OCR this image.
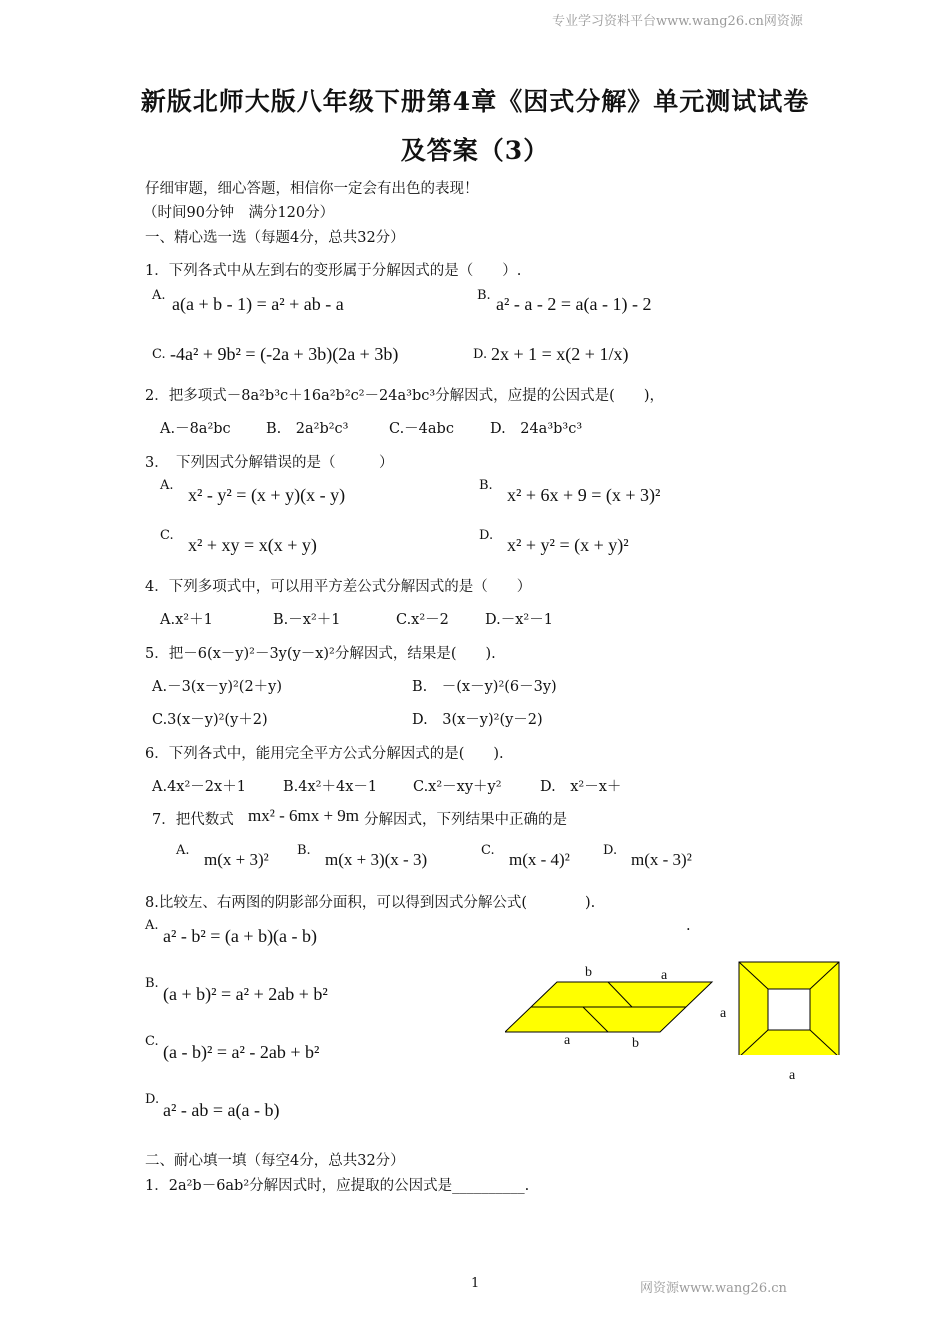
专业学习资料平台www.wang26.cn网资源
新版北师大版八年级下册第4章《因式分解》单元测试试卷
及答案（3）
仔细审题，细心答题，相信你一定会有出色的表现！
（时间90分钟　满分120分）
一、精心选一选（每题4分，总共32分）
1．下列各式中从左到右的变形属于分解因式的是（　　）.
A. a(a + b - 1) = a² + ab - a	B. a² - a - 2 = a(a - 1) - 2
C. -4a² + 9b² = (-2a + 3b)(2a + 3b)	D. 2x + 1 = x(2 + 1/x)
2．把多项式－8a²b³c＋16a²b²c²－24a³bc³分解因式，应提的公因式是(　　)，
A.－8a²bc B.　2a²b²c³	C.－4abc D.　24a³b³c³
3．　下列因式分解错误的是（　　　）
A. x² - y² = (x + y)(x - y)	B. x² + 6x + 9 = (x + 3)²
C. x² + xy = x(x + y)	D. x² + y² = (x + y)²
4．下列多项式中，可以用平方差公式分解因式的是（　　）
A.x²＋1	B.－x²＋1	C.x²－2 D.－x²－1
5．把－6(x－y)²－3y(y－x)²分解因式，结果是(　　).
A.－3(x－y)²(2＋y)	B.　－(x－y)²(6－3y)
C.3(x－y)²(y＋2)	D.　3(x－y)²(y－2)
6．下列各式中，能用完全平方公式分解因式的是(　　).
A.4x²－2x＋1	B.4x²＋4x－1 C.x²－xy＋y²	D.　x²－x＋
7．把代数式 mx² - 6mx + 9m 分解因式，下列结果中正确的是
A. m(x + 3)² B. m(x + 3)(x - 3)	C. m(x - 4)²	D. m(x - 3)²
8.比较左、右两图的阴影部分面积，可以得到因式分解公式(　　　　).
A.
a² - b² = (a + b)(a - b)
B.
(a + b)² = a² + 2ab + b²
C.
(a - b)² = a² - 2ab + b²
D.
a² - ab = a(a - b)
.
b	a
a	b
a
a
二、耐心填一填（每空4分，总共32分）
1．2a²b－6ab²分解因式时，应提取的公因式是__________.
1	网资源www.wang26.cn
